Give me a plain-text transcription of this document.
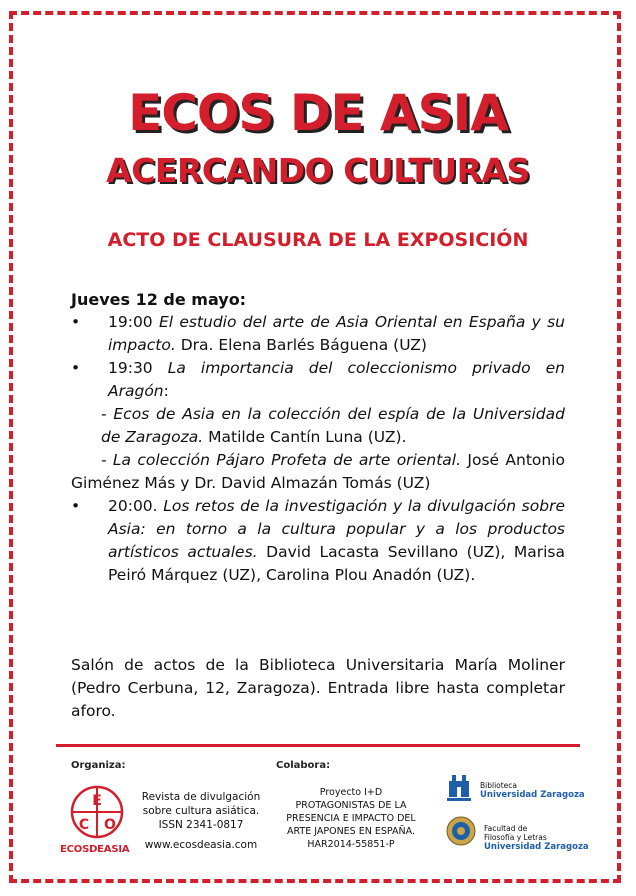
ECOS DE ASIA
ACERCANDO CULTURAS
ACTO DE CLAUSURA DE LA EXPOSICIÓN
Jueves 12 de mayo:
• 19:00 El estudio del arte de Asia Oriental en España y su impacto. Dra. Elena Barlés Báguena (UZ)
• 19:30 La importancia del coleccionismo privado en Aragón:
- Ecos de Asia en la colección del espía de la Universidad de Zaragoza. Matilde Cantín Luna (UZ).
- La colección Pájaro Profeta de arte oriental. José Antonio Giménez Más y Dr. David Almazán Tomás (UZ)
• 20:00. Los retos de la investigación y la divulgación sobre Asia: en torno a la cultura popular y a los productos artísticos actuales. David Lacasta Sevillano (UZ), Marisa Peiró Márquez (UZ), Carolina Plou Anadón (UZ).
Salón de actos de la Biblioteca Universitaria María Moliner (Pedro Cerbuna, 12, Zaragoza). Entrada libre hasta completar aforo.
Organiza:	Colabora:
E
C O
ECOSDEASIA
Revista de divulgación
sobre cultura asiática.
ISSN 2341-0817
www.ecosdeasia.com
Proyecto I+D
PROTAGONISTAS DE LA
PRESENCIA E IMPACTO DEL
ARTE JAPONES EN ESPAÑA.
HAR2014-55851-P
Biblioteca
Universidad Zaragoza
Facultad de
Filosofía y Letras
Universidad Zaragoza
